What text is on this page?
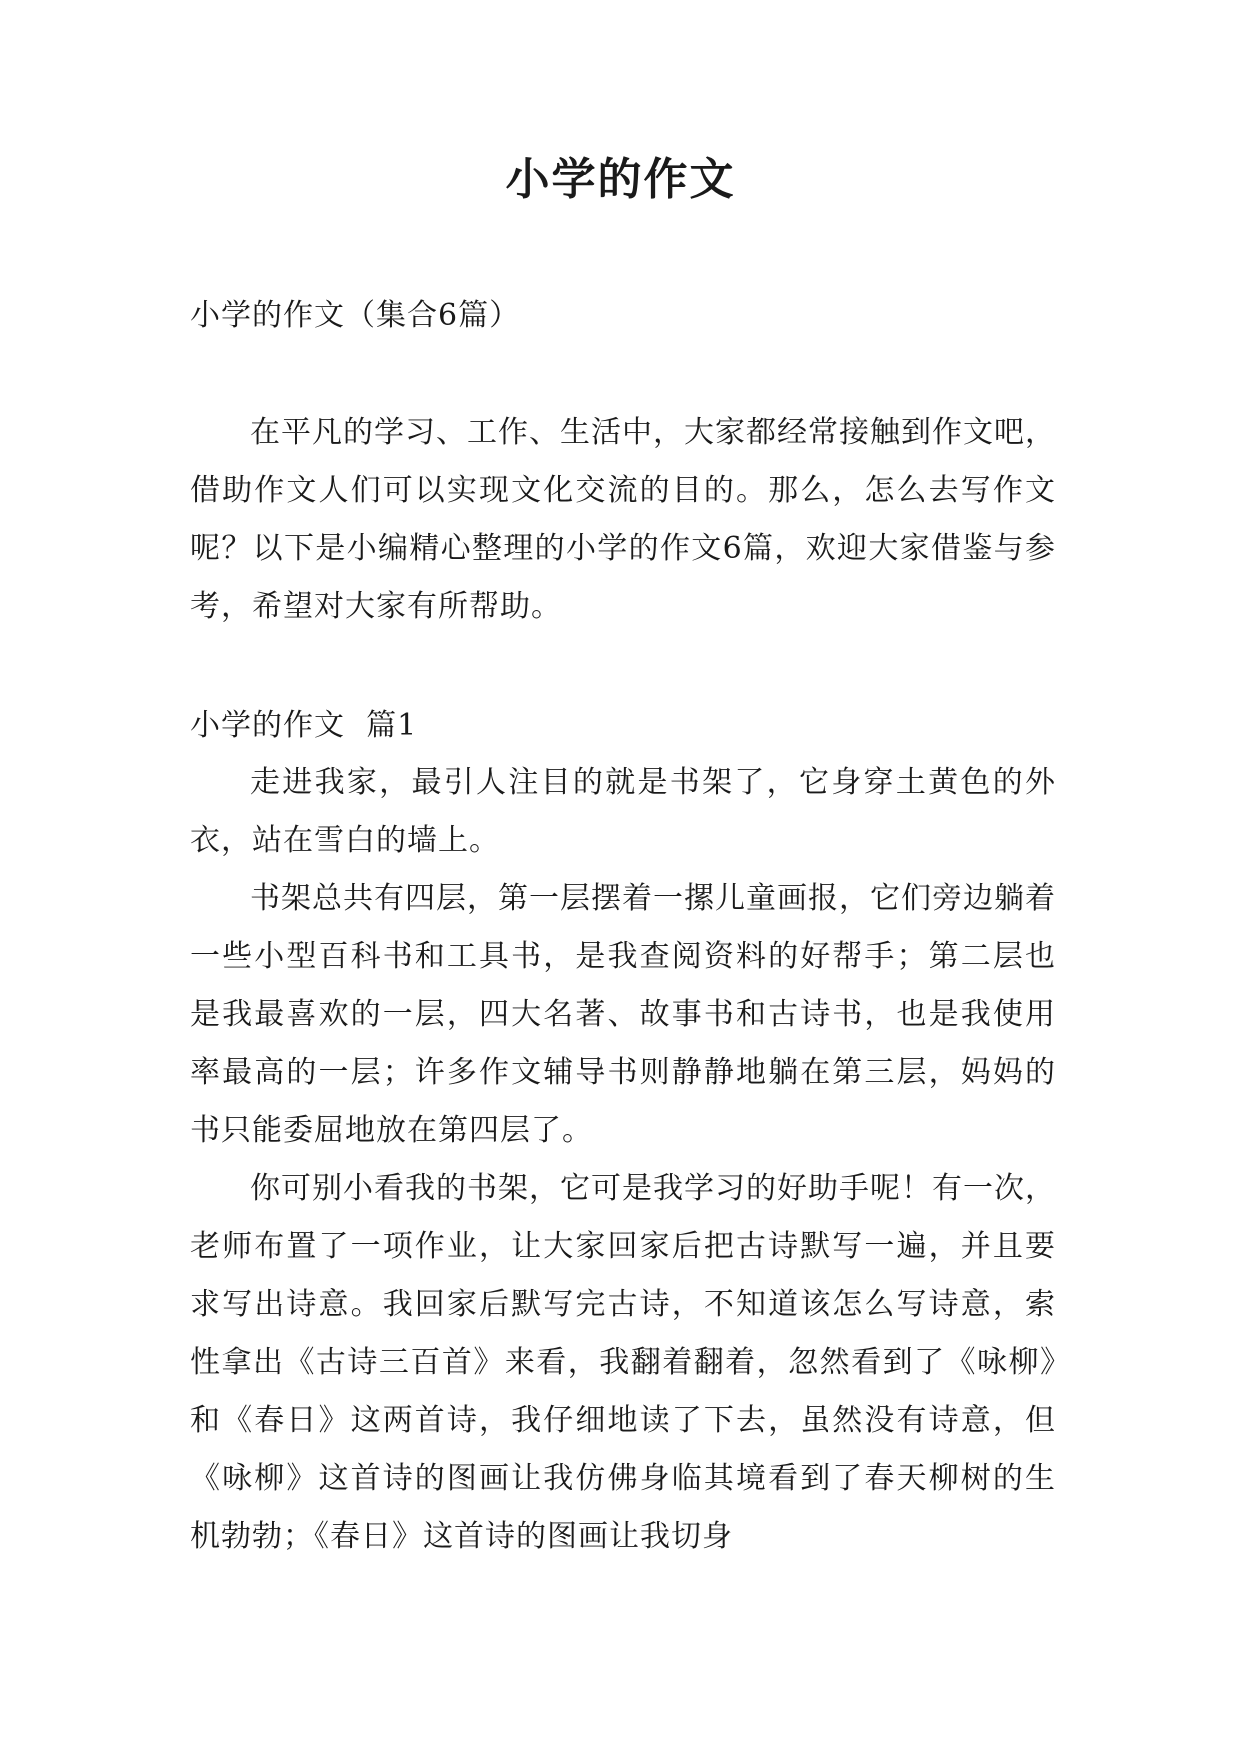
小学的作文
小学的作文（集合6篇）
在平凡的学习、工作、生活中，大家都经常接触到作文吧，借助作文人们可以实现文化交流的目的。那么，怎么去写作文呢？以下是小编精心整理的小学的作文6篇，欢迎大家借鉴与参考，希望对大家有所帮助。
小学的作文  篇1

走进我家，最引人注目的就是书架了，它身穿土黄色的外衣，站在雪白的墙上。

书架总共有四层，第一层摆着一摞儿童画报，它们旁边躺着一些小型百科书和工具书，是我查阅资料的好帮手；第二层也是我最喜欢的一层，四大名著、故事书和古诗书，也是我使用率最高的一层；许多作文辅导书则静静地躺在第三层，妈妈的书只能委屈地放在第四层了。

你可别小看我的书架，它可是我学习的好助手呢！有一次，老师布置了一项作业，让大家回家后把古诗默写一遍，并且要求写出诗意。我回家后默写完古诗，不知道该怎么写诗意，索性拿出《古诗三百首》来看，我翻着翻着，忽然看到了《咏柳》和《春日》这两首诗，我仔细地读了下去，虽然没有诗意，但《咏柳》这首诗的图画让我仿佛身临其境看到了春天柳树的生机勃勃；《春日》这首诗的图画让我切身
